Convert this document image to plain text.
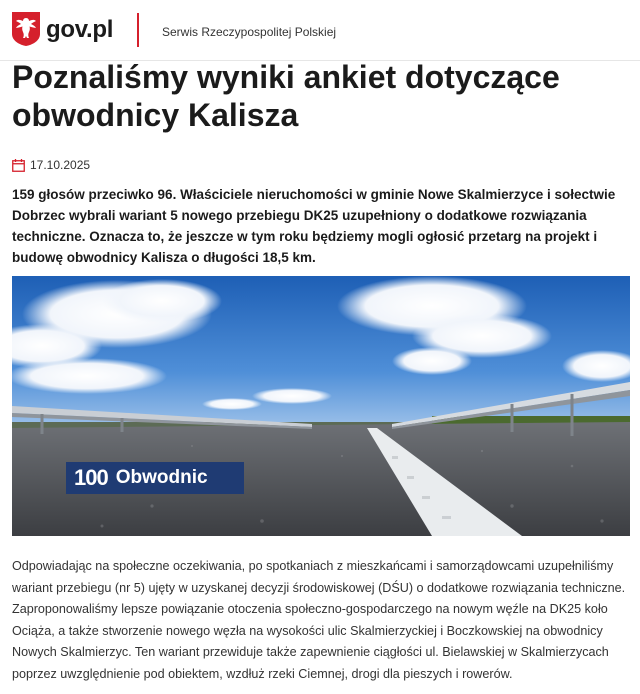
gov.pl	Serwis Rzeczypospolitej Polskiej
Poznaliśmy wyniki ankiet dotyczące obwodnicy Kalisza
17.10.2025

159 głosów przeciwko 96. Właściciele nieruchomości w gminie Nowe Skalmierzyce i sołectwie Dobrzec wybrali wariant 5 nowego przebiegu DK25 uzupełniony o dodatkowe rozwiązania techniczne. Oznacza to, że jeszcze w tym roku będziemy mogli ogłosić przetarg na projekt i budowę obwodnicy Kalisza o długości 18,5 km.

100 Obwodnic

Odpowiadając na społeczne oczekiwania, po spotkaniach z mieszkańcami i samorządowcami uzupełniliśmy wariant przebiegu (nr 5) ujęty w uzyskanej decyzji środowiskowej (DŚU) o dodatkowe rozwiązania techniczne. Zaproponowaliśmy lepsze powiązanie otoczenia społeczno-gospodarczego na nowym węźle na DK25 koło Ociąża, a także stworzenie nowego węzła na wysokości ulic Skalmierzyckiej i Boczkowskiej na obwodnicy Nowych Skalmierzyc. Ten wariant przewiduje także zapewnienie ciągłości ul. Bielawskiej w Skalmierzycach poprzez uwzględnienie pod obiektem, wzdłuż rzeki Ciemnej, drogi dla pieszych i rowerów.
